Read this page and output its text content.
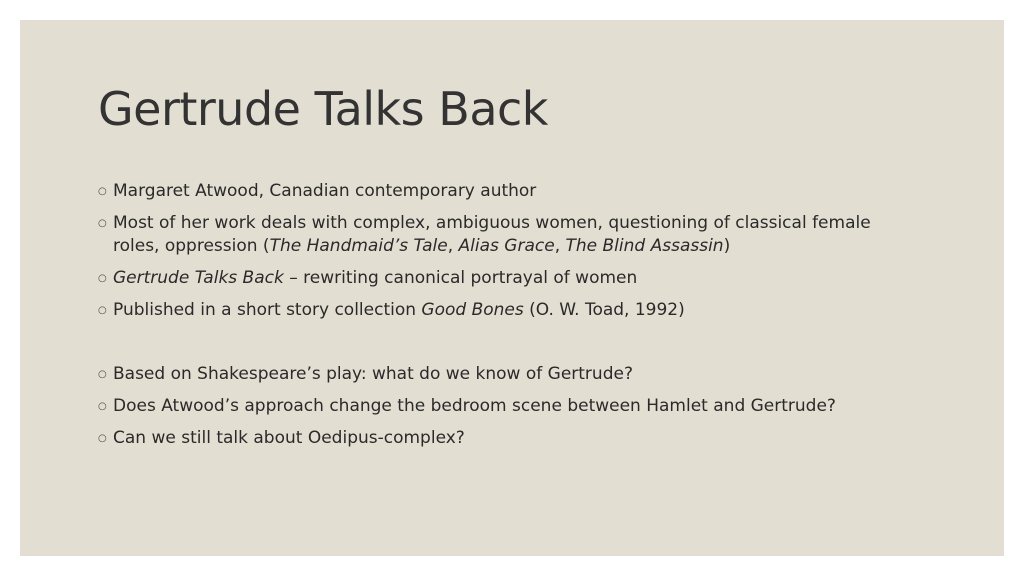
Gertrude Talks Back
○ Margaret Atwood, Canadian contemporary author
○ Most of her work deals with complex, ambiguous women, questioning of classical female roles, oppression (The Handmaid’s Tale, Alias Grace, The Blind Assassin)
○ Gertrude Talks Back – rewriting canonical portrayal of women
○ Published in a short story collection Good Bones (O. W. Toad, 1992)
○ Based on Shakespeare’s play: what do we know of Gertrude?
○ Does Atwood’s approach change the bedroom scene between Hamlet and Gertrude?
○ Can we still talk about Oedipus-complex?
